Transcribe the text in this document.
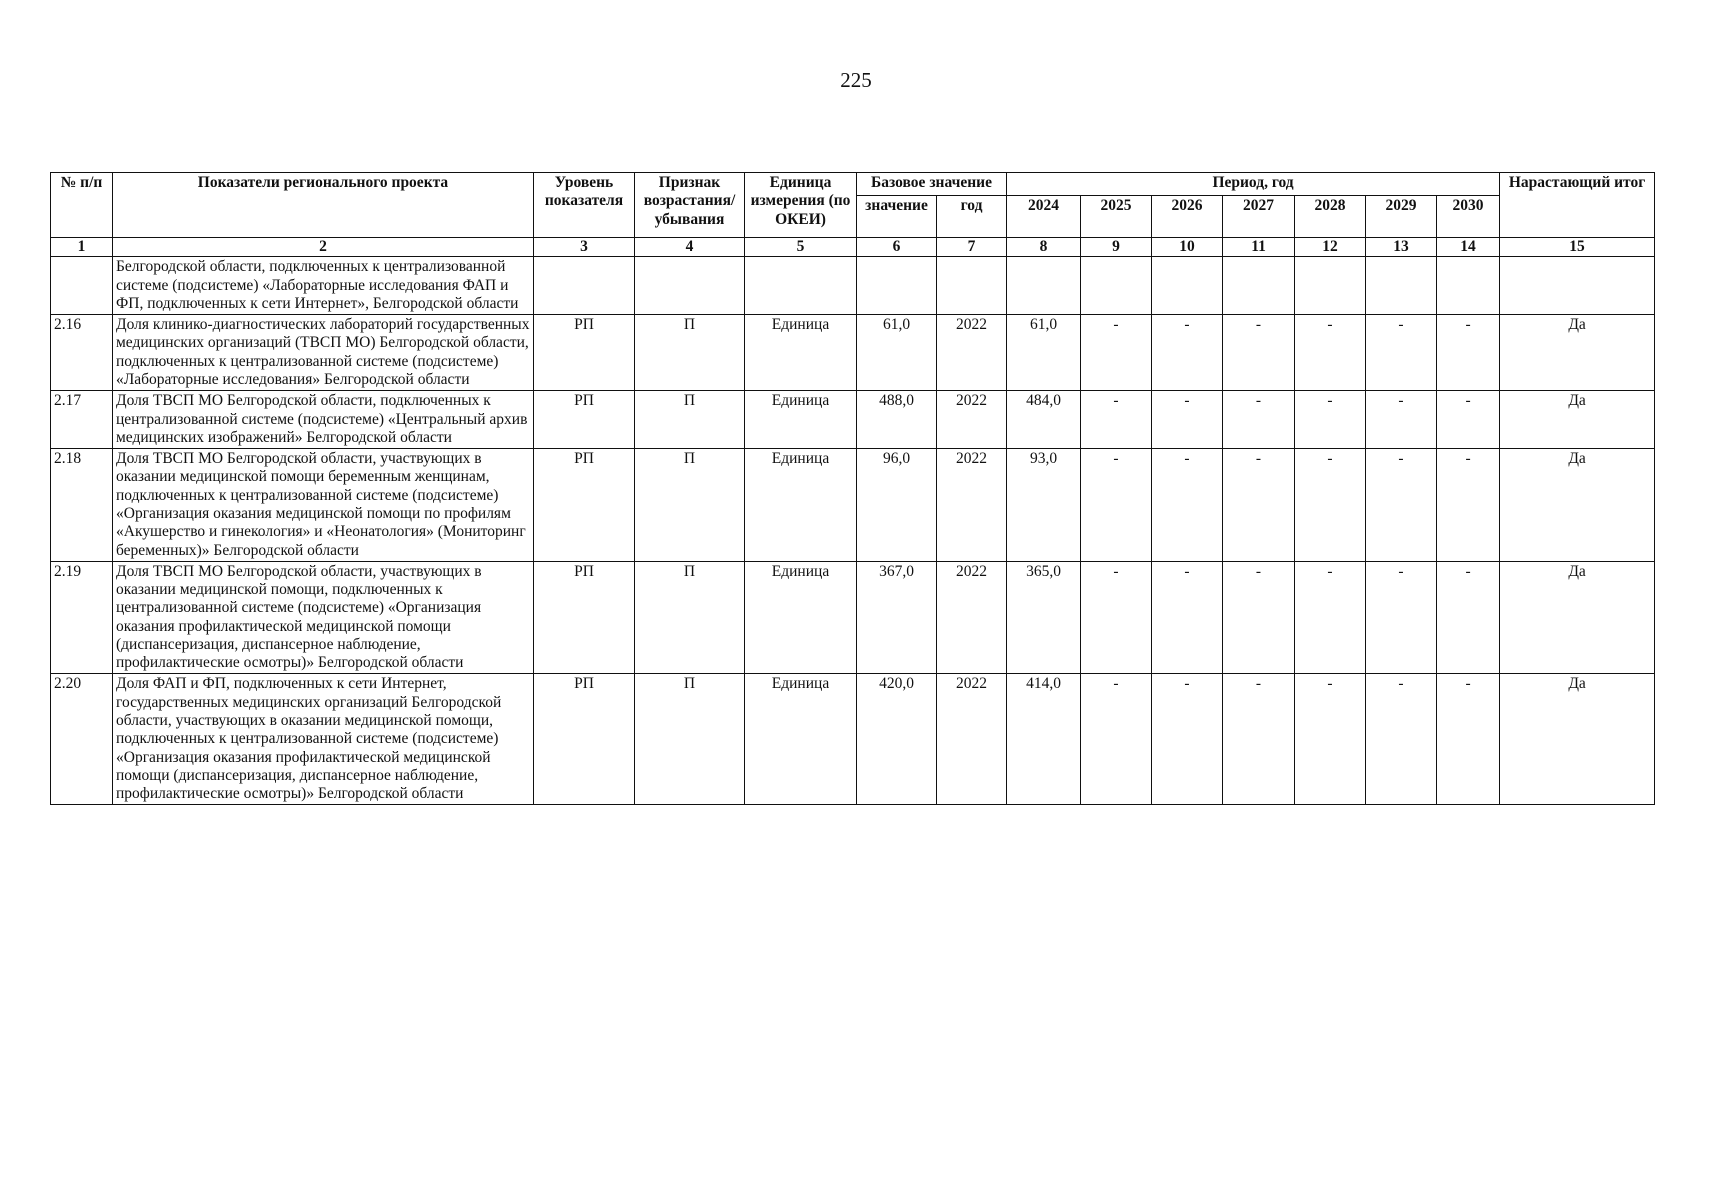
225
№ п/п	Показатели регионального проекта	Уровень показателя	Признак возрастания/ убывания	Единица измерения (по ОКЕИ)	Базовое значение		Период, год							Нарастающий итог
					значение	год	2024	2025	2026	2027	2028	2029	2030	
1	2	3	4	5	6	7	8	9	10	11	12	13	14	15
	Белгородской области, подключенных к централизованной системе (подсистеме) «Лабораторные исследования ФАП и ФП, подключенных к сети Интернет», Белгородской области													
2.16	Доля клинико-диагностических лабораторий государственных медицинских организаций (ТВСП МО) Белгородской области, подключенных к централизованной системе (подсистеме) «Лабораторные исследования» Белгородской области	РП	П	Единица	61,0	2022	61,0	-	-	-	-	-	-	Да
2.17	Доля ТВСП МО Белгородской области, подключенных к централизованной системе (подсистеме) «Центральный архив медицинских изображений» Белгородской области	РП	П	Единица	488,0	2022	484,0	-	-	-	-	-	-	Да
2.18	Доля ТВСП МО Белгородской области, участвующих в оказании медицинской помощи беременным женщинам, подключенных к централизованной системе (подсистеме) «Организация оказания медицинской помощи по профилям «Акушерство и гинекология» и «Неонатология» (Мониторинг беременных)» Белгородской области	РП	П	Единица	96,0	2022	93,0	-	-	-	-	-	-	Да
2.19	Доля ТВСП МО Белгородской области, участвующих в оказании медицинской помощи, подключенных к централизованной системе (подсистеме) «Организация оказания профилактической медицинской помощи (диспансеризация, диспансерное наблюдение, профилактические осмотры)» Белгородской области	РП	П	Единица	367,0	2022	365,0	-	-	-	-	-	-	Да
2.20	Доля ФАП и ФП, подключенных к сети Интернет, государственных медицинских организаций Белгородской области, участвующих в оказании медицинской помощи, подключенных к централизованной системе (подсистеме) «Организация оказания профилактической медицинской помощи (диспансеризация, диспансерное наблюдение, профилактические осмотры)» Белгородской области	РП	П	Единица	420,0	2022	414,0	-	-	-	-	-	-	Да
